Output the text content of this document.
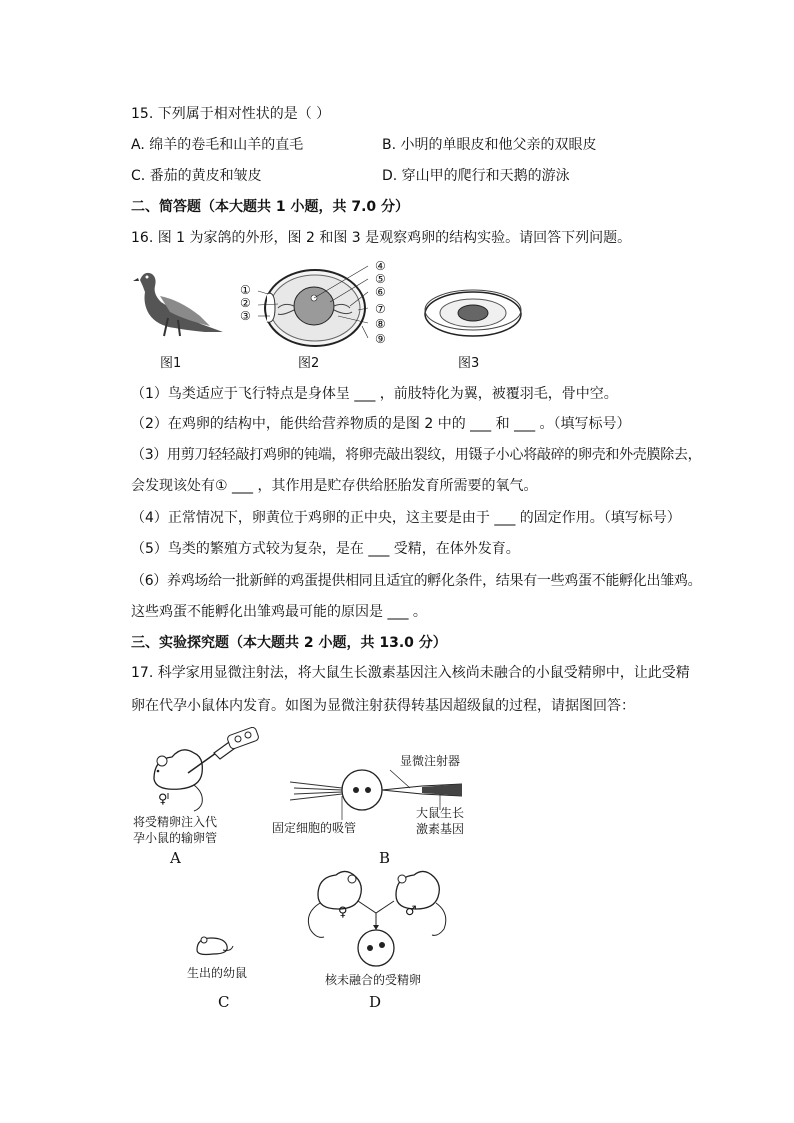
15. 下列属于相对性状的是（ ）
A. 绵羊的卷毛和山羊的直毛	B. 小明的单眼皮和他父亲的双眼皮
C. 番茄的黄皮和皱皮	D. 穿山甲的爬行和天鹅的游泳
二、简答题（本大题共 1 小题，共 7.0 分）
16. 图 1 为家鸽的外形，图 2 和图 3 是观察鸡卵的结构实验。请回答下列问题。
①
②
③
④
⑤
⑥
⑦
⑧
⑨
图1	图2	图3
（1）鸟类适应于飞行特点是身体呈 ___ ，前肢特化为翼，被覆羽毛，骨中空。
（2）在鸡卵的结构中，能供给营养物质的是图 2 中的 ___ 和 ___ 。（填写标号）
（3）用剪刀轻轻敲打鸡卵的钝端，将卵壳敲出裂纹，用镊子小心将敲碎的卵壳和外壳膜除去，
会发现该处有① ___ ，其作用是贮存供给胚胎发育所需要的氧气。
（4）正常情况下，卵黄位于鸡卵的正中央，这主要是由于 ___ 的固定作用。（填写标号）
（5）鸟类的繁殖方式较为复杂，是在 ___ 受精，在体外发育。
（6）养鸡场给一批新鲜的鸡蛋提供相同且适宜的孵化条件，结果有一些鸡蛋不能孵化出雏鸡。
这些鸡蛋不能孵化出雏鸡最可能的原因是 ___ 。
三、实验探究题（本大题共 2 小题，共 13.0 分）
17. 科学家用显微注射法，将大鼠生长激素基因注入核尚未融合的小鼠受精卵中，让此受精
卵在代孕小鼠体内发育。如图为显微注射获得转基因超级鼠的过程，请据图回答：
♀
将受精卵注入代
孕小鼠的输卵管
A
显微注射器
固定细胞的吸管
大鼠生长
激素基因
B
♀	♂
核未融合的受精卵
D
生出的幼鼠
C
